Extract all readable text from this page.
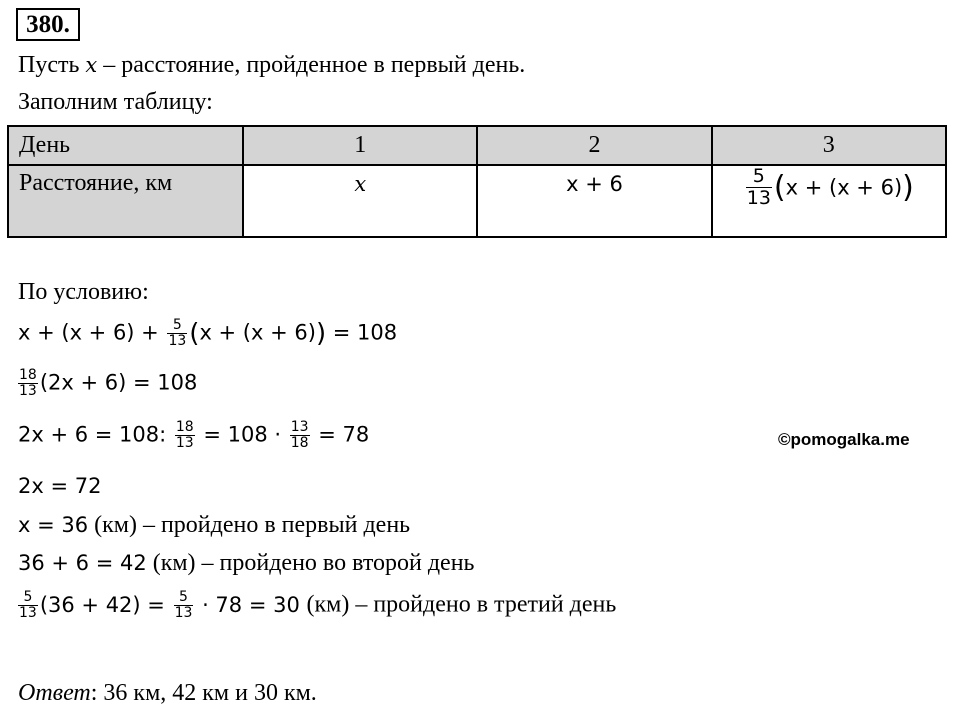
380.
Пусть x – расстояние, пройденное в первый день.
Заполним таблицу:
День	1	2	3
Расстояние, км	x	x + 6	$\frac{5}{13} (x + (x + 6))$
По условию:
$x + (x + 6) + \frac{5}{13} (x + (x + 6)) = 108$
$\frac{18}{13} (2x + 6) = 108$
2x + 6 = 108: $\frac{18}{13} = 108 \cdot \frac{13}{18} = 78$	©pomogalka.me
2x = 72
x = 36 (км) – пройдено в первый день
36 + 6 = 42 (км) – пройдено во второй день
$\frac{5}{13} (36 + 42) = \frac{5}{13} \cdot 78 = 30$ (км) – пройдено в третий день
Ответ: 36 км, 42 км и 30 км.
